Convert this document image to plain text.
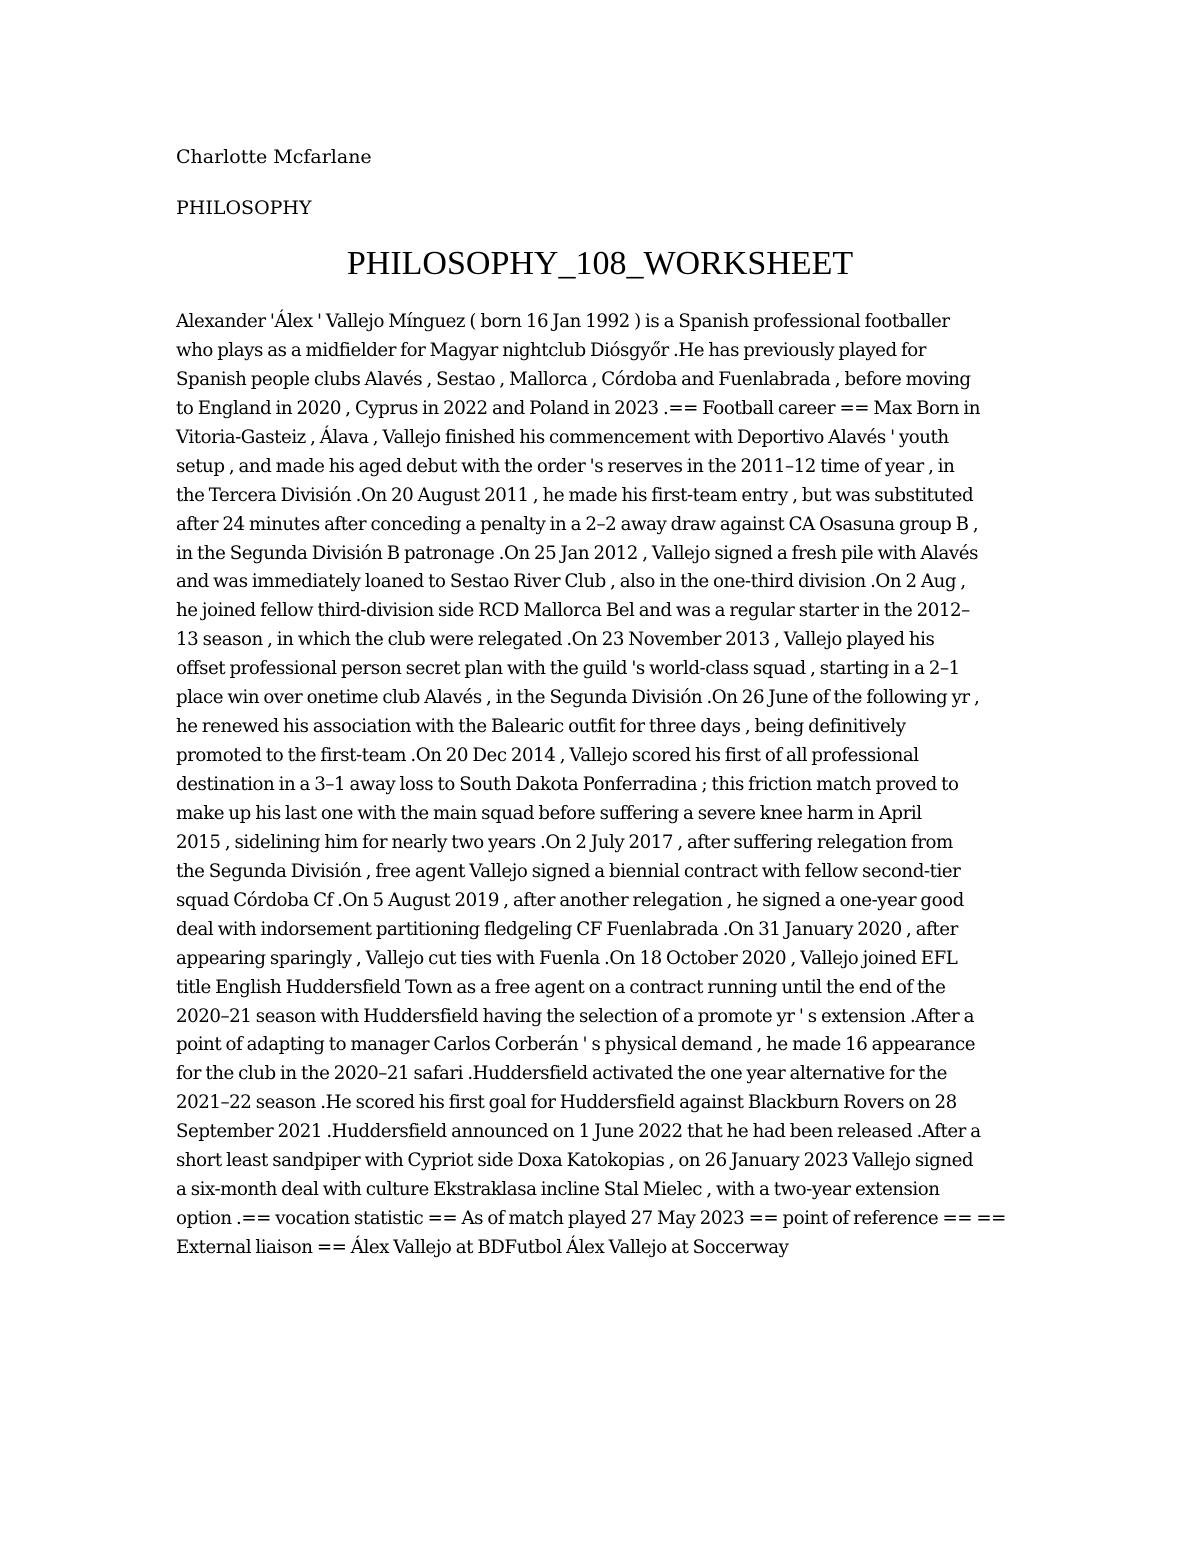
Charlotte Mcfarlane
PHILOSOPHY
PHILOSOPHY_108_WORKSHEET
Alexander 'Álex ' Vallejo Mínguez ( born 16 Jan 1992 ) is a Spanish professional footballer
who plays as a midfielder for Magyar nightclub Diósgyőr .He has previously played for
Spanish people clubs Alavés , Sestao , Mallorca , Córdoba and Fuenlabrada , before moving
to England in 2020 , Cyprus in 2022 and Poland in 2023 .== Football career == Max Born in
Vitoria-Gasteiz , Álava , Vallejo finished his commencement with Deportivo Alavés ' youth
setup , and made his aged debut with the order 's reserves in the 2011–12 time of year , in
the Tercera División .On 20 August 2011 , he made his first-team entry , but was substituted
after 24 minutes after conceding a penalty in a 2–2 away draw against CA Osasuna group B ,
in the Segunda División B patronage .On 25 Jan 2012 , Vallejo signed a fresh pile with Alavés
and was immediately loaned to Sestao River Club , also in the one-third division .On 2 Aug ,
he joined fellow third-division side RCD Mallorca Bel and was a regular starter in the 2012–
13 season , in which the club were relegated .On 23 November 2013 , Vallejo played his
offset professional person secret plan with the guild 's world-class squad , starting in a 2–1
place win over onetime club Alavés , in the Segunda División .On 26 June of the following yr ,
he renewed his association with the Balearic outfit for three days , being definitively
promoted to the first-team .On 20 Dec 2014 , Vallejo scored his first of all professional
destination in a 3–1 away loss to South Dakota Ponferradina ; this friction match proved to
make up his last one with the main squad before suffering a severe knee harm in April
2015 , sidelining him for nearly two years .On 2 July 2017 , after suffering relegation from
the Segunda División , free agent Vallejo signed a biennial contract with fellow second-tier
squad Córdoba Cf .On 5 August 2019 , after another relegation , he signed a one-year good
deal with indorsement partitioning fledgeling CF Fuenlabrada .On 31 January 2020 , after
appearing sparingly , Vallejo cut ties with Fuenla .On 18 October 2020 , Vallejo joined EFL
title English Huddersfield Town as a free agent on a contract running until the end of the
2020–21 season with Huddersfield having the selection of a promote yr ' s extension .After a
point of adapting to manager Carlos Corberán ' s physical demand , he made 16 appearance
for the club in the 2020–21 safari .Huddersfield activated the one year alternative for the
2021–22 season .He scored his first goal for Huddersfield against Blackburn Rovers on 28
September 2021 .Huddersfield announced on 1 June 2022 that he had been released .After a
short least sandpiper with Cypriot side Doxa Katokopias , on 26 January 2023 Vallejo signed
a six-month deal with culture Ekstraklasa incline Stal Mielec , with a two-year extension
option .== vocation statistic == As of match played 27 May 2023 == point of reference == ==
External liaison == Álex Vallejo at BDFutbol Álex Vallejo at Soccerway
